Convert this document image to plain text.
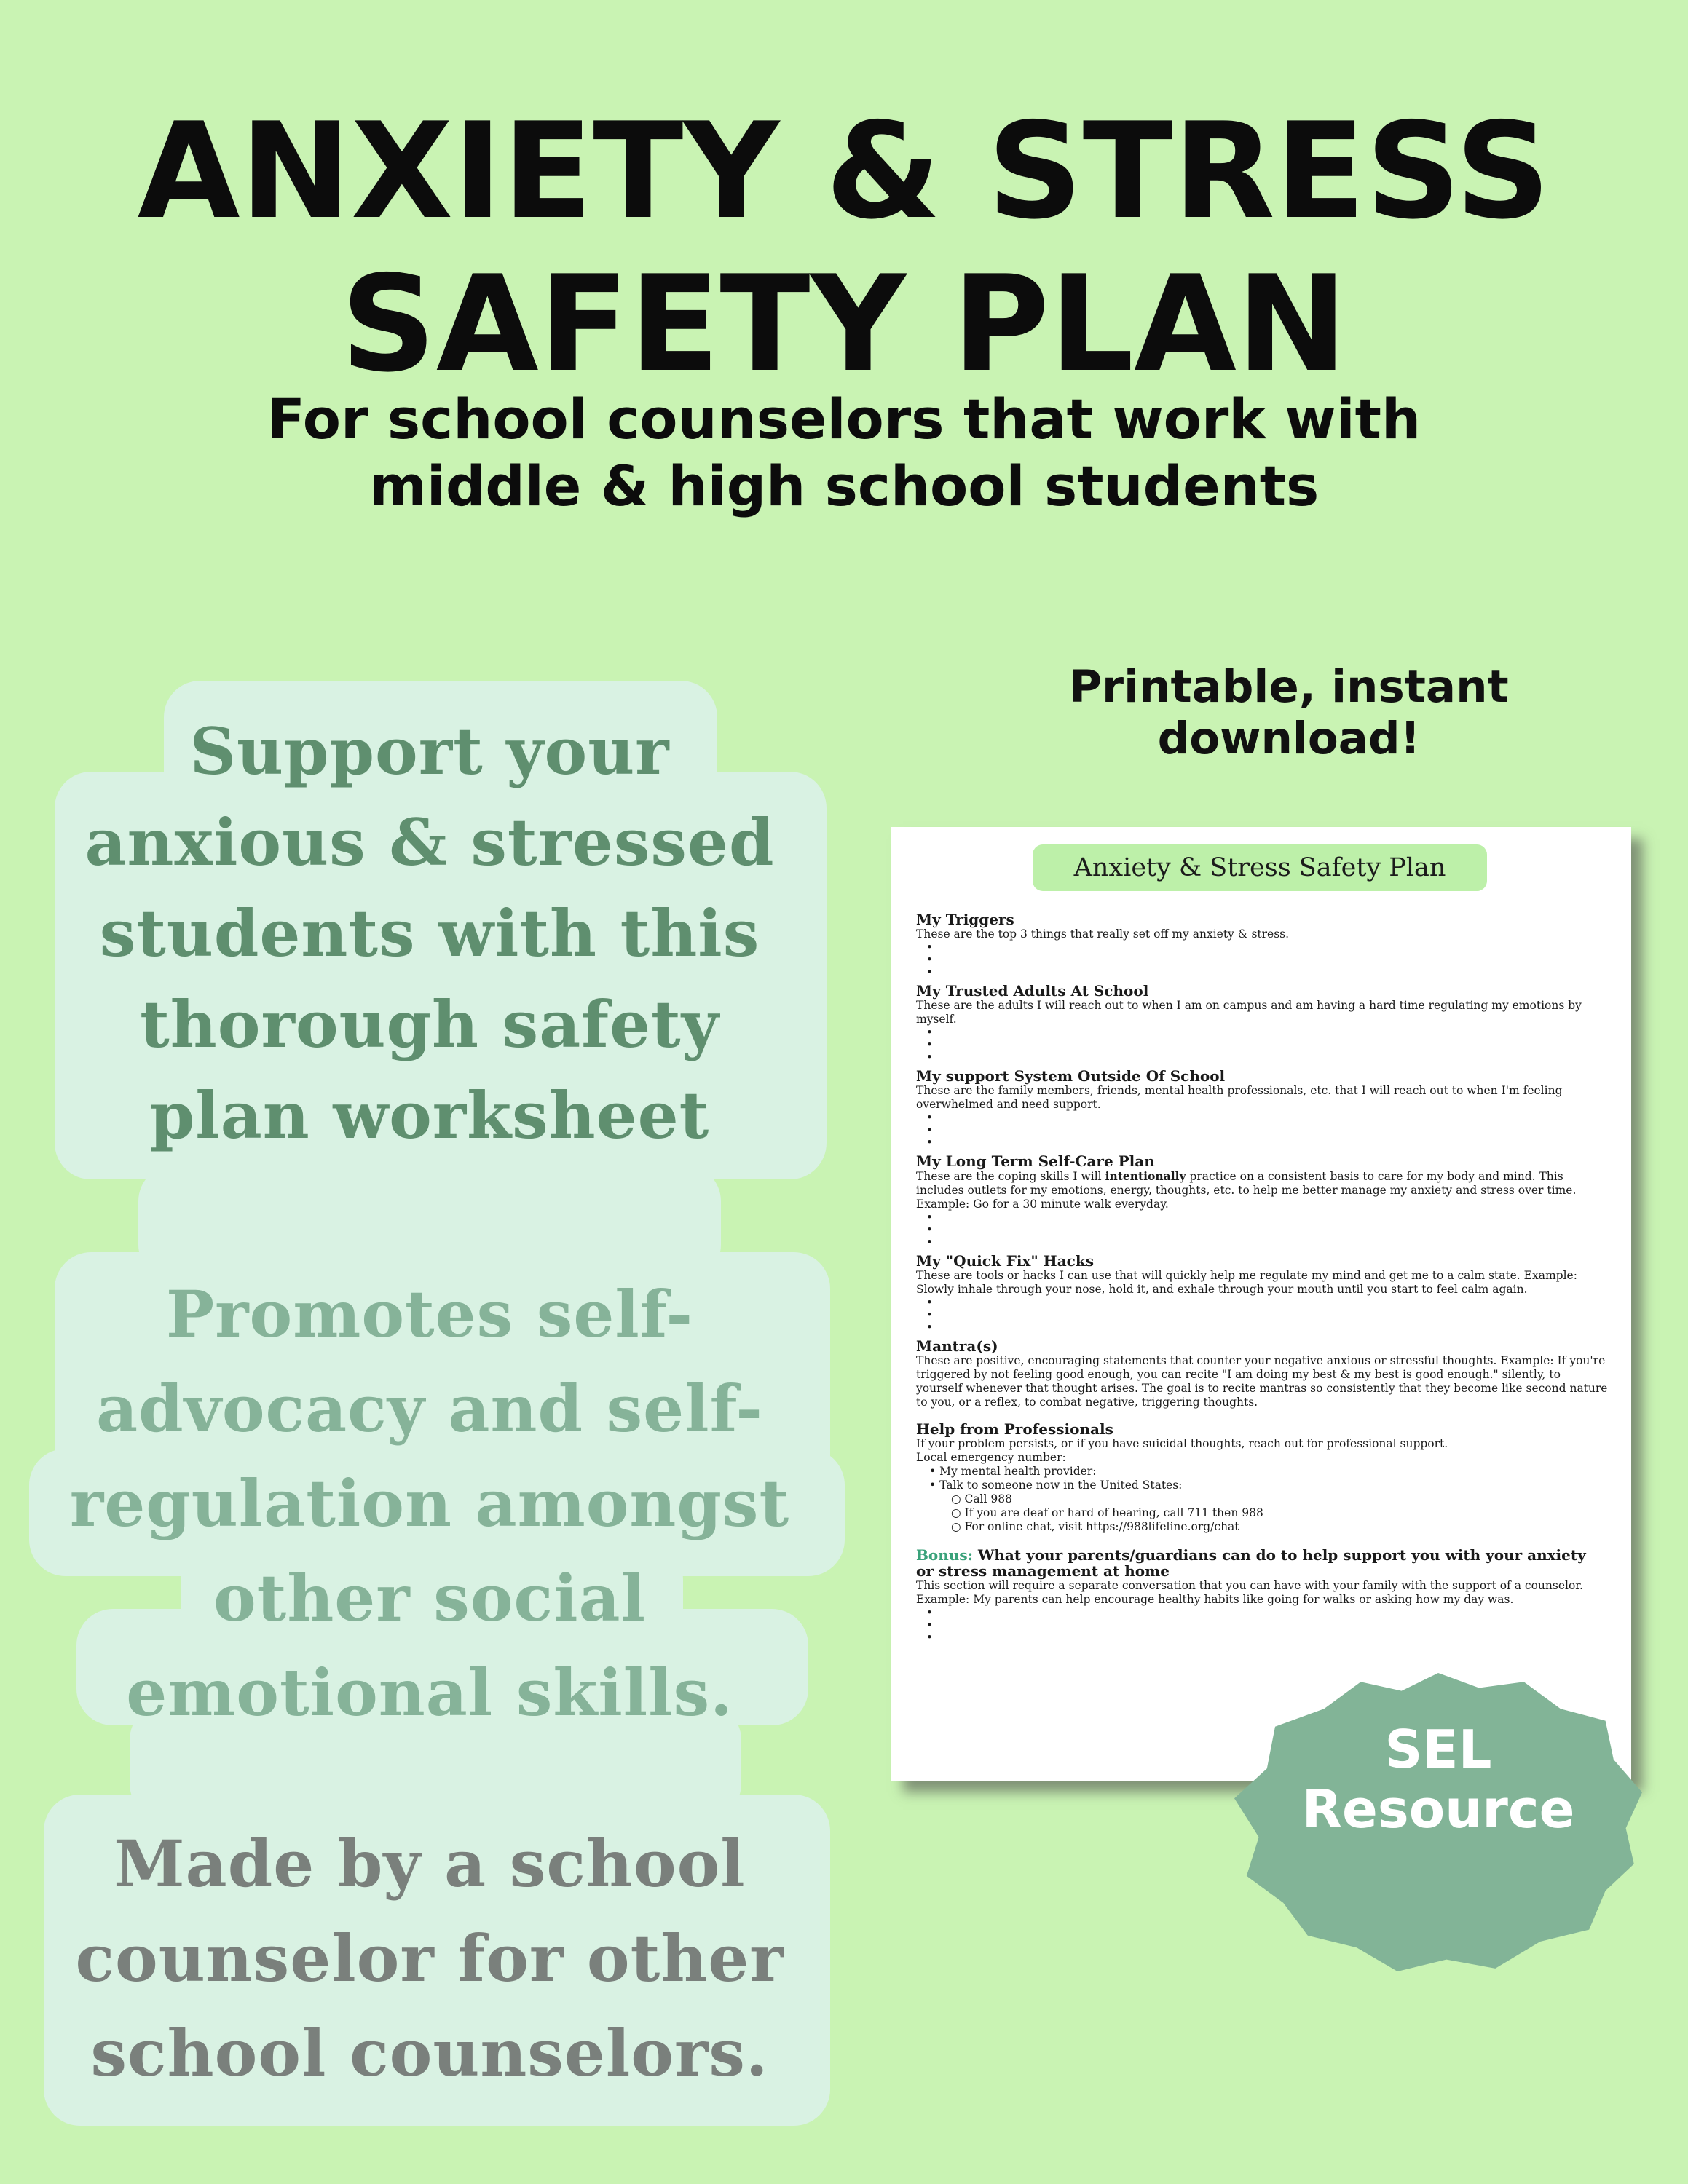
ANXIETY & STRESS
SAFETY PLAN
For school counselors that work with
middle & high school students
Printable, instant download!
Support your
anxious & stressed
students with this
thorough safety
plan worksheet
Promotes self-
advocacy and self-
regulation amongst
other social
emotional skills.
Made by a school
counselor for other
school counselors.
Anxiety & Stress Safety Plan
My Triggers
These are the top 3 things that really set off my anxiety & stress.
•
•
•
My Trusted Adults At School
These are the adults I will reach out to when I am on campus and am having a hard time regulating my emotions by myself.
•
•
•
My support System Outside Of School
These are the family members, friends, mental health professionals, etc. that I will reach out to when I'm feeling overwhelmed and need support.
•
•
•
My Long Term Self-Care Plan
These are the coping skills I will intentionally practice on a consistent basis to care for my body and mind. This includes outlets for my emotions, energy, thoughts, etc. to help me better manage my anxiety and stress over time. Example: Go for a 30 minute walk everyday.
•
•
•
My "Quick Fix" Hacks
These are tools or hacks I can use that will quickly help me regulate my mind and get me to a calm state. Example: Slowly inhale through your nose, hold it, and exhale through your mouth until you start to feel calm again.
•
•
•
Mantra(s)
These are positive, encouraging statements that counter your negative anxious or stressful thoughts. Example: If you're triggered by not feeling good enough, you can recite "I am doing my best & my best is good enough." silently, to yourself whenever that thought arises. The goal is to recite mantras so consistently that they become like second nature to you, or a reflex, to combat negative, triggering thoughts.
Help from Professionals
If your problem persists, or if you have suicidal thoughts, reach out for professional support.
Local emergency number:
• My mental health provider:
• Talk to someone now in the United States:
○ Call 988
○ If you are deaf or hard of hearing, call 711 then 988
○ For online chat, visit https://988lifeline.org/chat
Bonus: What your parents/guardians can do to help support you with your anxiety or stress management at home
This section will require a separate conversation that you can have with your family with the support of a counselor. Example: My parents can help encourage healthy habits like going for walks or asking how my day was.
•
•
•
SEL
Resource
